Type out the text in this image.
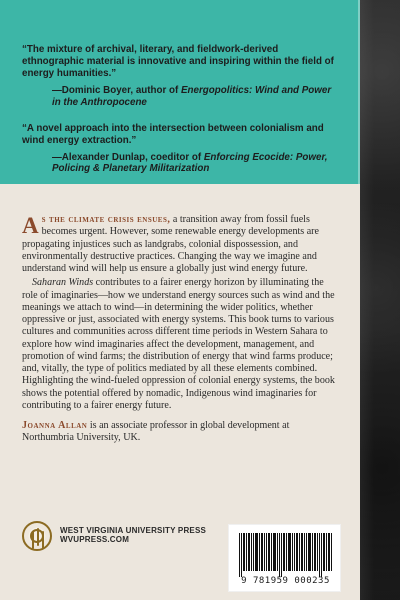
“The mixture of archival, literary, and fieldwork-derived ethnographic material is innovative and inspiring within the field of energy humanities.”

—Dominic Boyer, author of Energopolitics: Wind and Power in the Anthropocene

“A novel approach into the intersection between colonialism and wind energy extraction.”

—Alexander Dunlap, coeditor of Enforcing Ecocide: Power, Policing & Planetary Militarization

As the climate crisis ensues, a transition away from fossil fuels becomes urgent. However, some renewable energy developments are propagating injustices such as landgrabs, colonial dispossession, and environmentally destructive practices. Changing the way we imagine and understand wind will help us ensure a globally just wind energy future.

Saharan Winds contributes to a fairer energy horizon by illuminating the role of imaginaries—how we understand energy sources such as wind and the meanings we attach to wind—in determining the wider politics, whether oppressive or just, associated with energy systems. This book turns to various cultures and communities across different time periods in Western Sahara to explore how wind imaginaries affect the development, management, and promotion of wind farms; the distribution of energy that wind farms produce; and, vitally, the type of politics mediated by all these elements combined. Highlighting the wind-fueled oppression of colonial energy systems, the book shows the potential offered by nomadic, Indigenous wind imaginaries for contributing to a fairer energy future.

Joanna Allan is an associate professor in global development at Northumbria University, UK.

WEST VIRGINIA UNIVERSITY PRESS
WVUPRESS.COM
9 781959 000235
